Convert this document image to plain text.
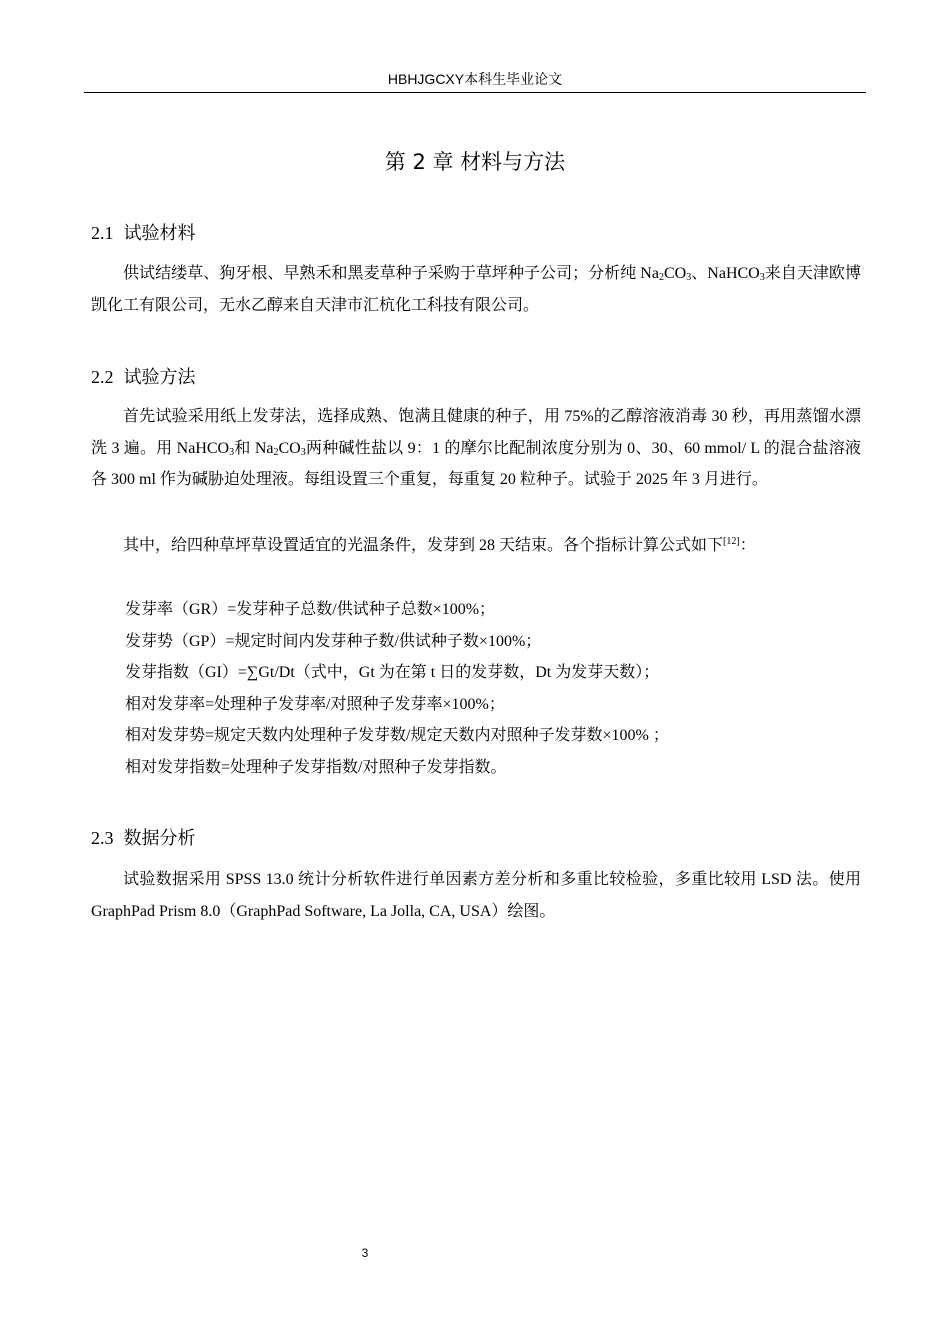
HBHJGCXY本科生毕业论文
第 2 章 材料与方法
2.1 试验材料
供试结缕草、狗牙根、早熟禾和黑麦草种子采购于草坪种子公司；分析纯 $Na_2CO_3$、NaHCO$_3$来自天津欧博凯化工有限公司，无水乙醇来自天津市汇杭化工科技有限公司。
2.2 试验方法
首先试验采用纸上发芽法，选择成熟、饱满且健康的种子，用 75%的乙醇溶液消毒 30 秒，再用蒸馏水漂洗 3 遍。用 NaHCO$_3$和 $Na_2CO_3$两种碱性盐以 9：1 的摩尔比配制浓度分别为 0、30、60 mmol/ L 的混合盐溶液各 300 ml 作为碱胁迫处理液。每组设置三个重复，每重复 20 粒种子。试验于 2025 年 3 月进行。
其中，给四种草坪草设置适宜的光温条件，发芽到 28 天结束。各个指标计算公式如下[12]：
发芽率（GR）=发芽种子总数/供试种子总数×100%；
发芽势（GP）=规定时间内发芽种子数/供试种子数×100%；
发芽指数（GI）=∑Gt/Dt（式中，Gt 为在第 t 日的发芽数，Dt 为发芽天数）；
相对发芽率=处理种子发芽率/对照种子发芽率×100%；
相对发芽势=规定天数内处理种子发芽数/规定天数内对照种子发芽数×100% ；
相对发芽指数=处理种子发芽指数/对照种子发芽指数。
2.3 数据分析
试验数据采用 SPSS 13.0 统计分析软件进行单因素方差分析和多重比较检验，多重比较用 LSD 法。使用 GraphPad Prism 8.0（GraphPad Software, La Jolla, CA, USA）绘图。
3
